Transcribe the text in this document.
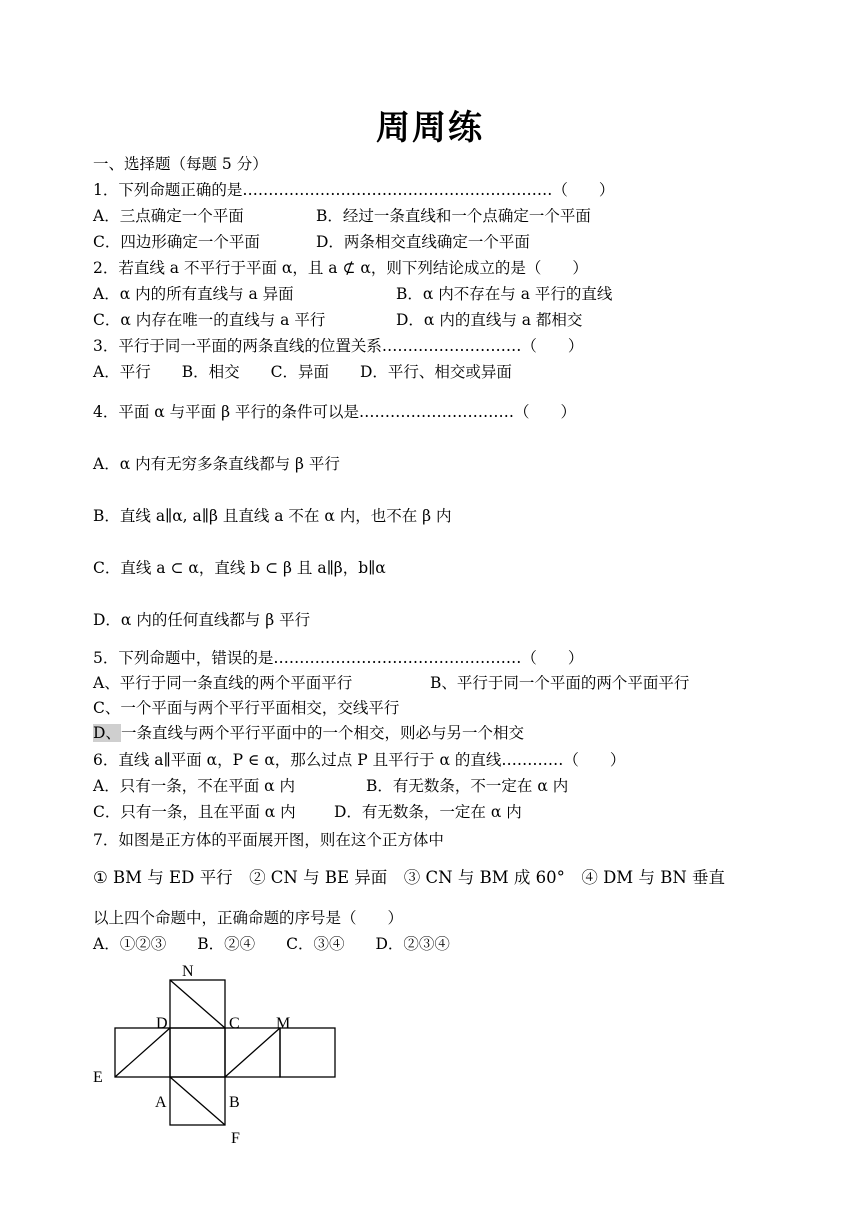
周周练
一、选择题（每题 5 分）
1．下列命题正确的是……………………………………………………（　　）
A．三点确定一个平面	B．经过一条直线和一个点确定一个平面
C．四边形确定一个平面	D．两条相交直线确定一个平面
2．若直线 a 不平行于平面 α，且 a ⊄ α，则下列结论成立的是（　　）
A．α 内的所有直线与 a 异面	B．α 内不存在与 a 平行的直线
C．α 内存在唯一的直线与 a 平行	D．α 内的直线与 a 都相交
3．平行于同一平面的两条直线的位置关系………………………（　　）
A．平行　　B．相交　　C．异面　　D．平行、相交或异面
4．平面 α 与平面 β 平行的条件可以是…………………………（　　）
A．α 内有无穷多条直线都与 β 平行
B．直线 a∥α, a∥β 且直线 a 不在 α 内，也不在 β 内
C．直线 a ⊂ α，直线 b ⊂ β 且 a∥β，b∥α
D．α 内的任何直线都与 β 平行
5．下列命题中，错误的是…………………………………………（　　）
A、平行于同一条直线的两个平面平行	B、平行于同一个平面的两个平面平行
C、一个平面与两个平行平面相交，交线平行
D、一条直线与两个平行平面中的一个相交，则必与另一个相交
6．直线 a∥平面 α，P ∈ α，那么过点 P 且平行于 α 的直线…………（　　）
A．只有一条，不在平面 α 内	B．有无数条，不一定在 α 内
C．只有一条，且在平面 α 内 D．有无数条，一定在 α 内
7．如图是正方体的平面展开图，则在这个正方体中
① BM 与 ED 平行　② CN 与 BE 异面　③ CN 与 BM 成 60°　④ DM 与 BN 垂直
以上四个命题中，正确命题的序号是（　　）
A．①②③　　B．②④　　C．③④　　D．②③④
N
D	C M
E
A	B
F
